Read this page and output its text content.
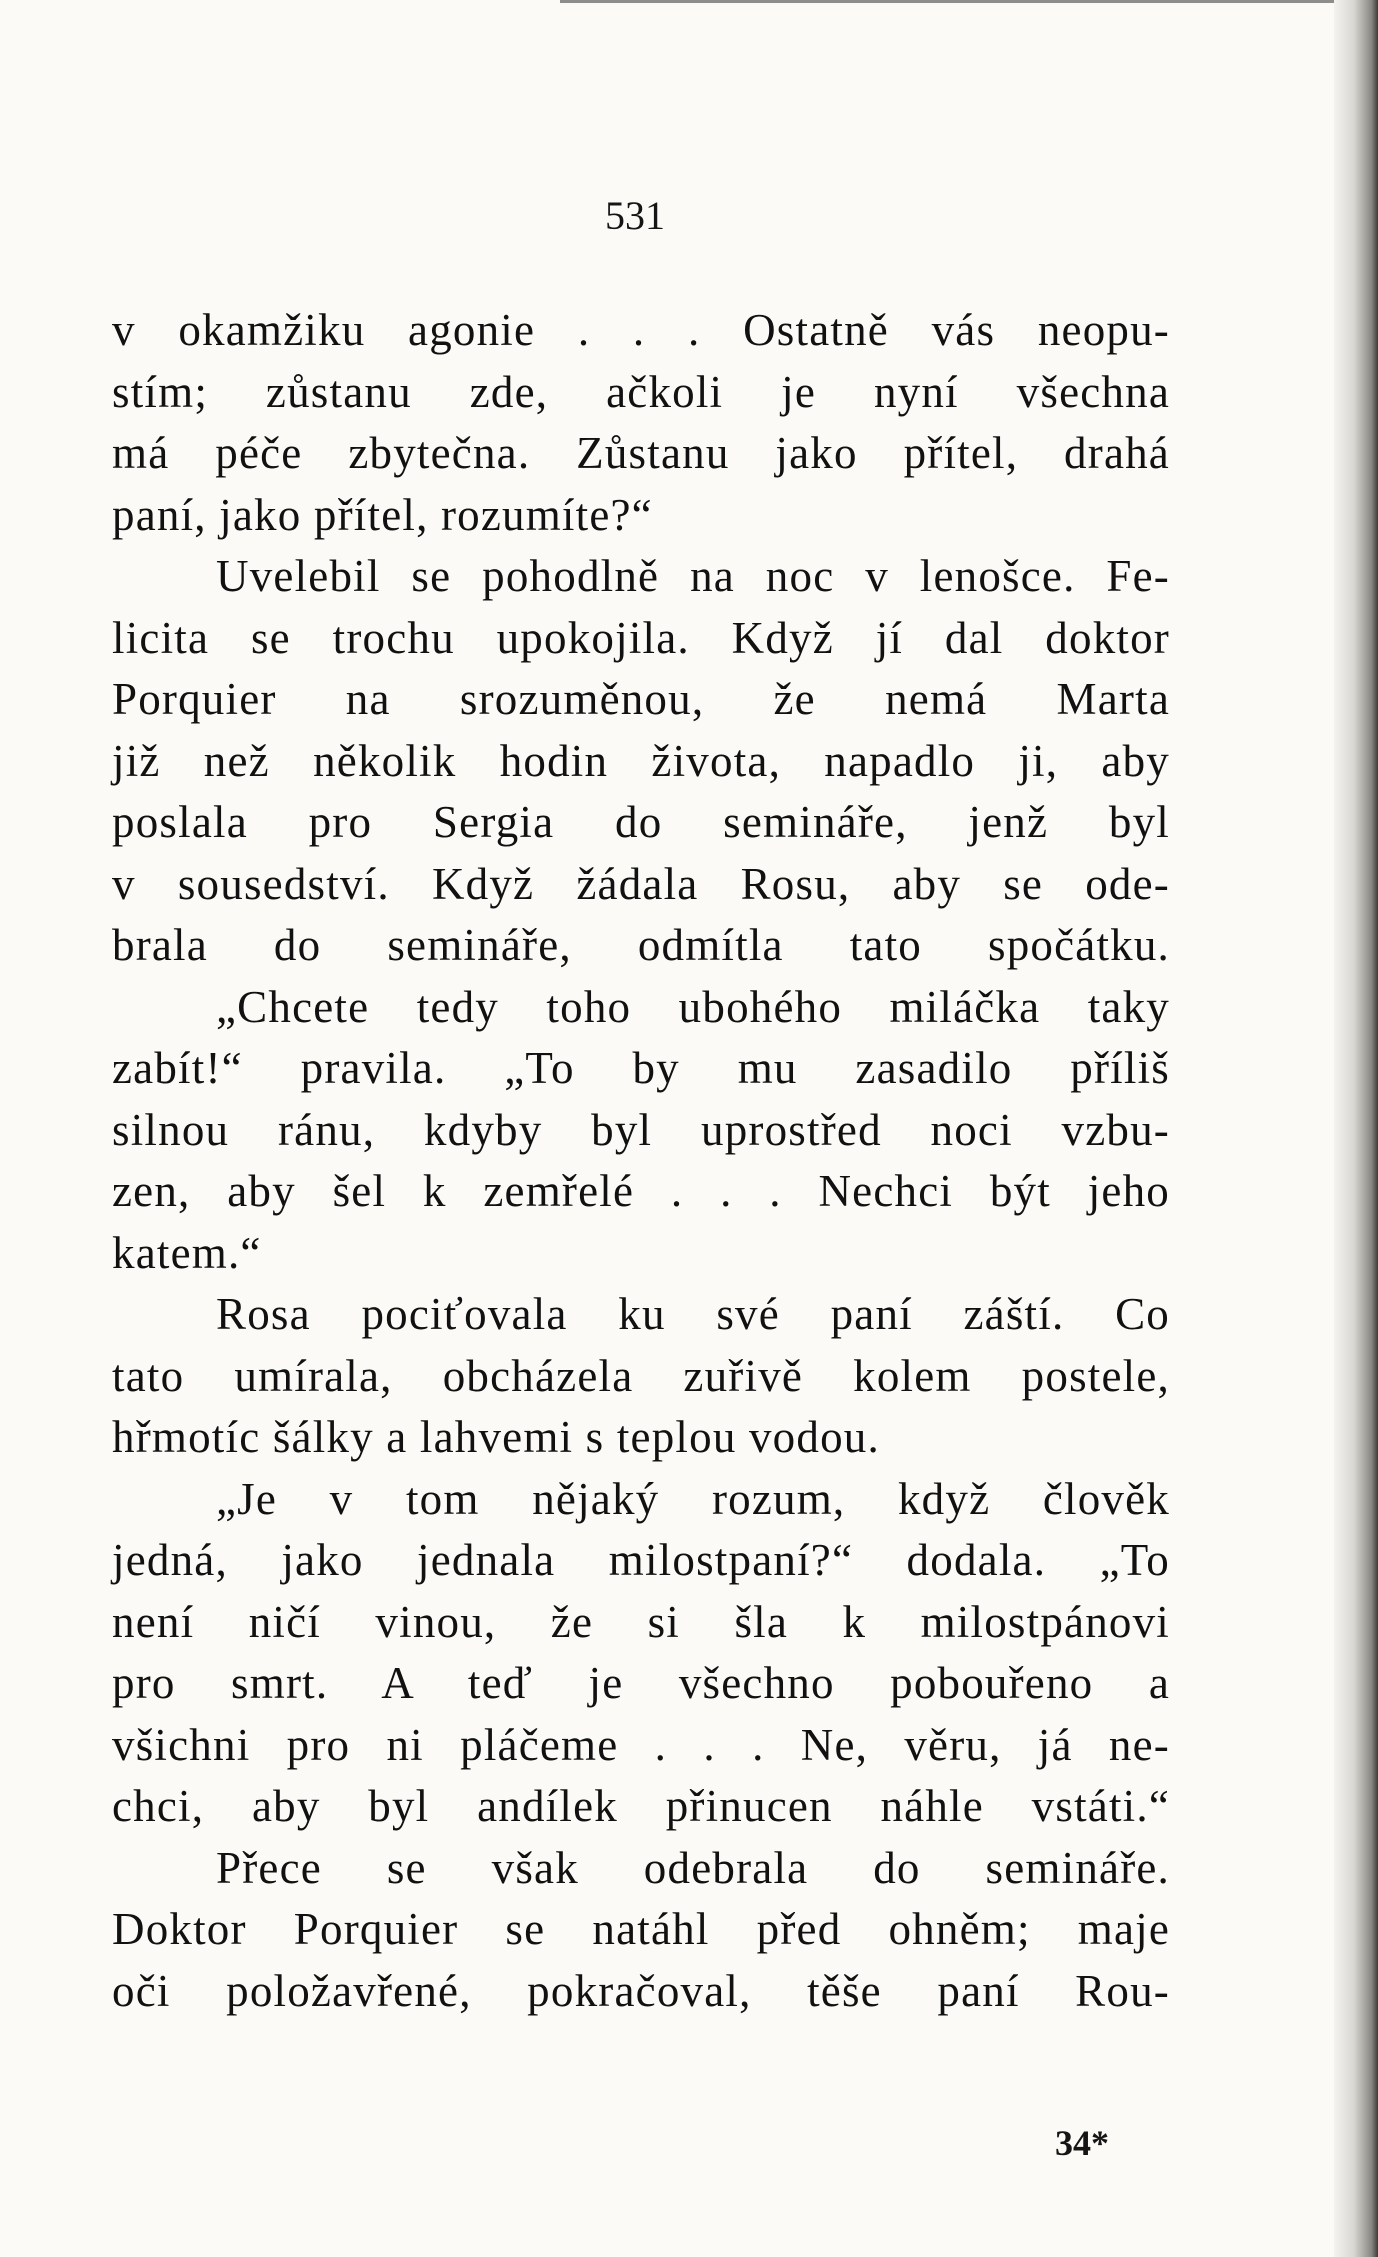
531
v okamžiku agonie . . . Ostatně vás neopu-
stím; zůstanu zde, ačkoli je nyní všechna
má péče zbytečna. Zůstanu jako přítel, drahá
paní, jako přítel, rozumíte?“
Uvelebil se pohodlně na noc v lenošce. Fe-
licita se trochu upokojila. Když jí dal doktor
Porquier na srozuměnou, že nemá Marta
již než několik hodin života, napadlo ji, aby
poslala pro Sergia do semináře, jenž byl
v sousedství. Když žádala Rosu, aby se ode-
brala do semináře, odmítla tato spočátku.
„Chcete tedy toho ubohého miláčka taky
zabít!“ pravila. „To by mu zasadilo příliš
silnou ránu, kdyby byl uprostřed noci vzbu-
zen, aby šel k zemřelé . . . Nechci být jeho
katem.“
Rosa pociťovala ku své paní záští. Co
tato umírala, obcházela zuřivě kolem postele,
hřmotíc šálky a lahvemi s teplou vodou.
„Je v tom nějaký rozum, když člověk
jedná, jako jednala milostpaní?“ dodala. „To
není ničí vinou, že si šla k milostpánovi
pro smrt. A teď je všechno pobouřeno a
všichni pro ni pláčeme . . . Ne, věru, já ne-
chci, aby byl andílek přinucen náhle vstáti.“
Přece se však odebrala do semináře.
Doktor Porquier se natáhl před ohněm; maje
oči položavřené, pokračoval, těše paní Rou-
34*
